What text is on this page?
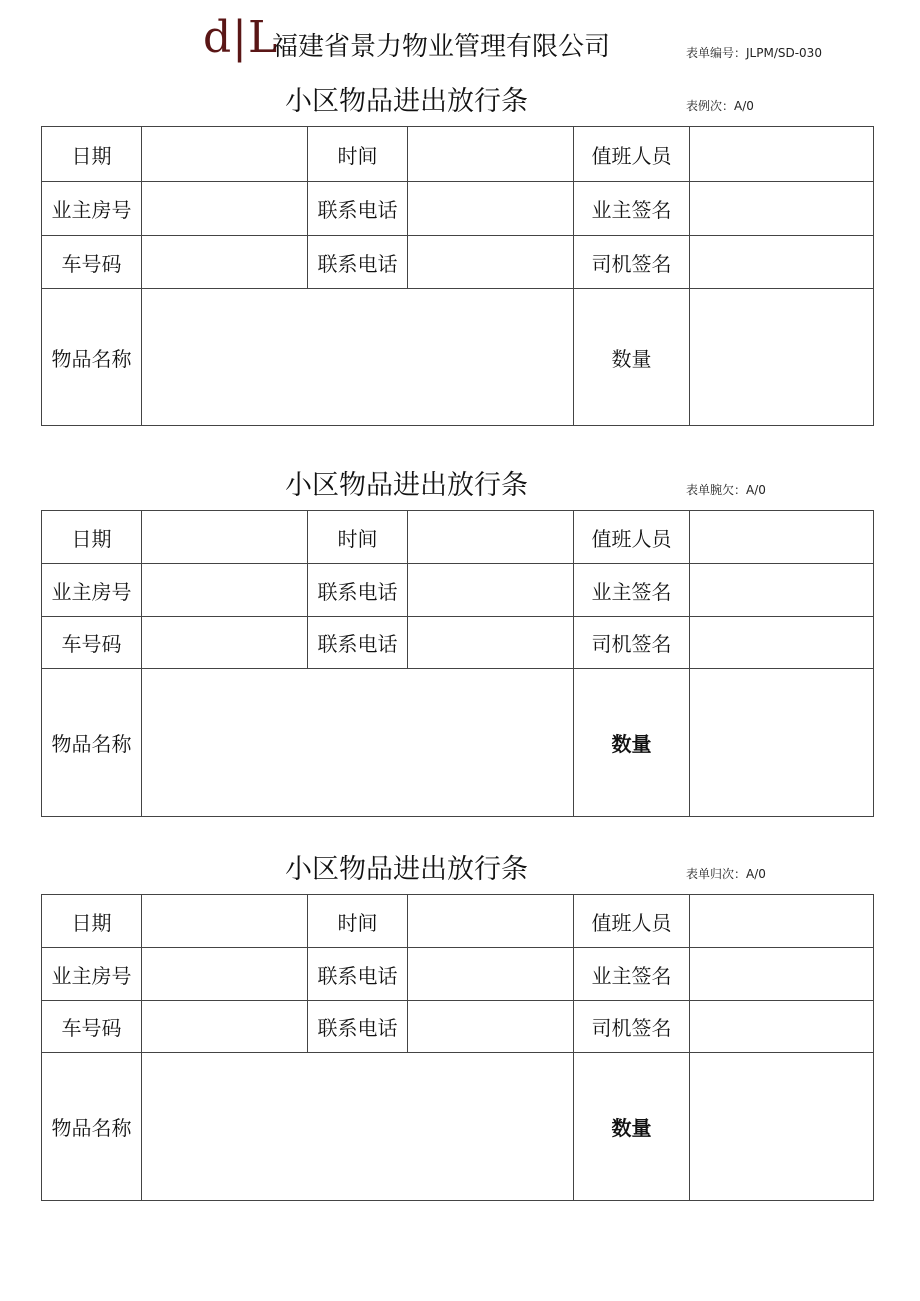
d|L
福建省景力物业管理有限公司	表单编号：JLPM/SD-030
小区物品进出放行条	表例次：A/0
日期		时间		值班人员	
业主房号		联系电话		业主签名	
车号码		联系电话		司机签名	
物品名称				数量	
小区物品进出放行条	表单腕欠：A/0
日期		时间		值班人员	
业主房号		联系电话		业主签名	
车号码		联系电话		司机签名	
物品名称				数量	
小区物品进出放行条	表单归次：A/0
日期		时间		值班人员	
业主房号		联系电话		业主签名	
车号码		联系电话		司机签名	
物品名称				数量	
